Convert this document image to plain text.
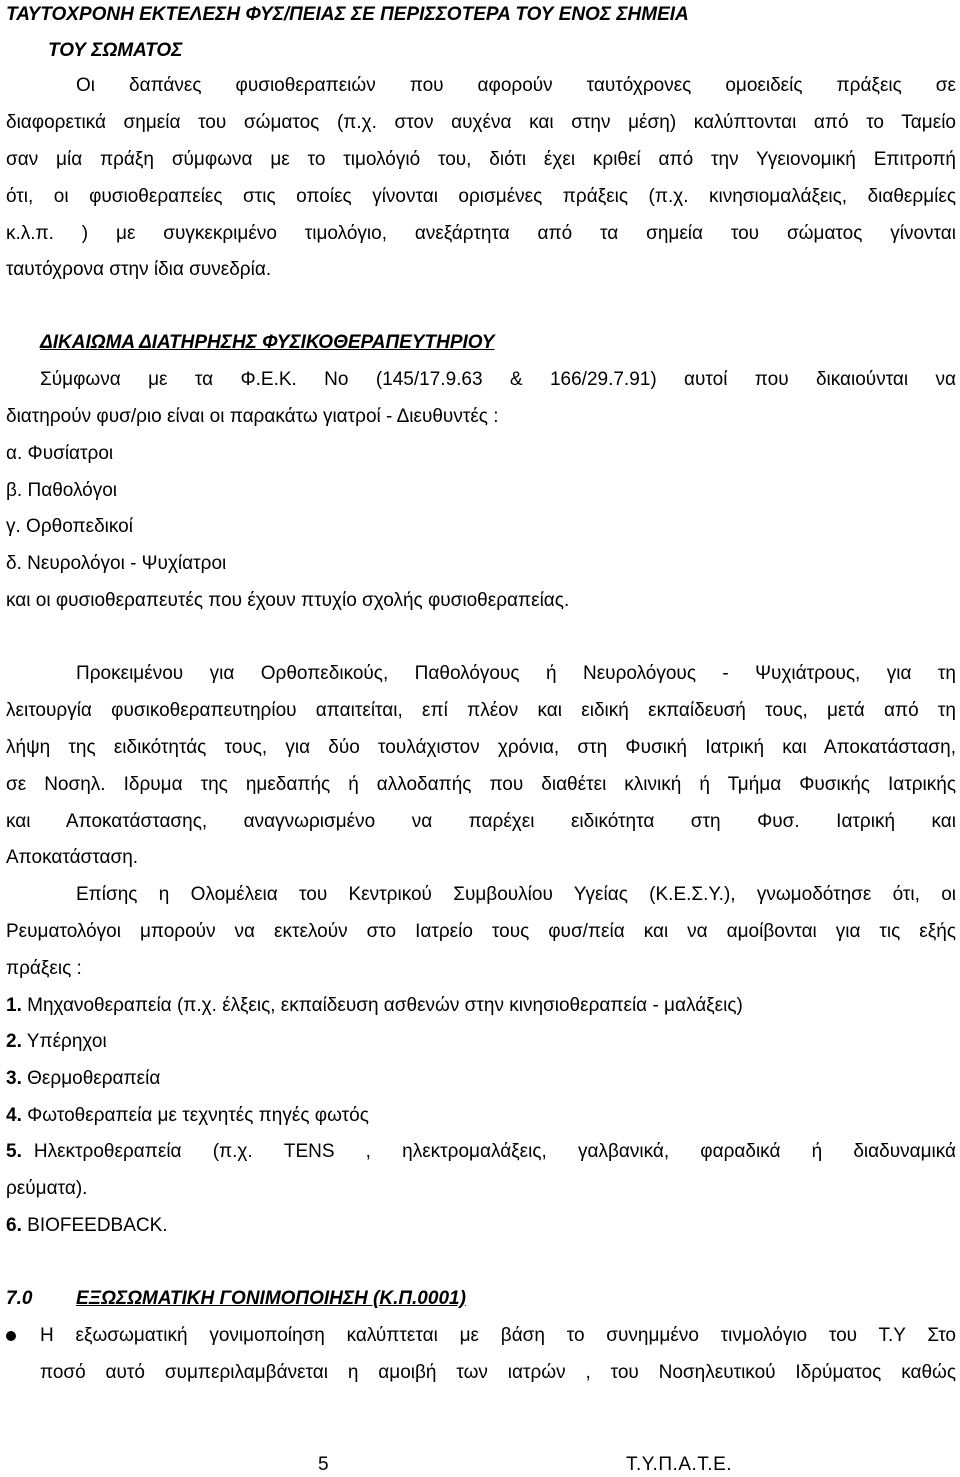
ΤΑΥΤΟΧΡΟΝΗ ΕΚΤΕΛΕΣΗ ΦΥΣ/ΠΕΙΑΣ ΣΕ ΠΕΡΙΣΣΟΤΕΡΑ ΤΟΥ ΕΝΟΣ ΣΗΜΕΙΑ
ΤΟΥ ΣΩΜΑΤΟΣ
Οι δαπάνες φυσιοθεραπειών που αφορούν ταυτόχρονες ομοειδείς πράξεις σε
διαφορετικά σημεία του σώματος (π.χ. στον αυχένα και στην μέση) καλύπτονται από το Ταμείο
σαν μία πράξη σύμφωνα με το τιμολόγιό του, διότι έχει κριθεί από την Υγειονομική Επιτροπή
ότι, οι φυσιοθεραπείες στις οποίες γίνονται ορισμένες πράξεις (π.χ. κινησιομαλάξεις, διαθερμίες
κ.λ.π. ) με συγκεκριμένο τιμολόγιο, ανεξάρτητα από τα σημεία του σώματος γίνονται
ταυτόχρονα στην ίδια συνεδρία.
ΔΙΚΑΙΩΜΑ ΔΙΑΤΗΡΗΣΗΣ ΦΥΣΙΚΟΘΕΡΑΠΕΥΤΗΡΙΟΥ
Σύμφωνα με τα Φ.Ε.Κ. Νο (145/17.9.63 & 166/29.7.91) αυτοί που δικαιούνται να
διατηρούν φυσ/ριο είναι οι παρακάτω γιατροί - Διευθυντές :
α. Φυσίατροι
β. Παθολόγοι
γ. Ορθοπεδικοί
δ. Νευρολόγοι - Ψυχίατροι
και οι φυσιοθεραπευτές που έχουν πτυχίο σχολής φυσιοθεραπείας.
Προκειμένου για Ορθοπεδικούς, Παθολόγους ή Νευρολόγους - Ψυχιάτρους, για τη
λειτουργία φυσικοθεραπευτηρίου απαιτείται, επί πλέον και ειδική εκπαίδευσή τους, μετά από τη
λήψη της ειδικότητάς τους, για δύο τουλάχιστον χρόνια, στη Φυσική Ιατρική και Αποκατάσταση,
σε Νοσηλ. Ιδρυμα της ημεδαπής ή αλλοδαπής που διαθέτει κλινική ή Τμήμα Φυσικής Ιατρικής
και Αποκατάστασης, αναγνωρισμένο να παρέχει ειδικότητα στη Φυσ. Ιατρική και
Αποκατάσταση.
Επίσης η Ολομέλεια του Κεντρικού Συμβουλίου Υγείας (Κ.Ε.Σ.Υ.), γνωμοδότησε ότι, οι
Ρευματολόγοι μπορούν να εκτελούν στο Ιατρείο τους φυσ/πεία και να αμοίβονται για τις εξής
πράξεις :
1. Μηχανοθεραπεία (π.χ. έλξεις, εκπαίδευση ασθενών στην κινησιοθεραπεία - μαλάξεις)
2. Υπέρηχοι
3. Θερμοθεραπεία
4. Φωτοθεραπεία με τεχνητές πηγές φωτός
5. Ηλεκτροθεραπεία (π.χ. TENS , ηλεκτρομαλάξεις, γαλβανικά, φαραδικά ή διαδυναμικά
ρεύματα).
6. BIOFEEDBACK.
7.0	ΕΞΩΣΩΜΑΤΙΚΗ ΓΟΝΙΜΟΠΟΙΗΣΗ (Κ.Π.0001)
Η εξωσωματική γονιμοποίηση καλύπτεται με βάση το συνημμένο τινμολόγιο του Τ.Υ Στο
ποσό αυτό συμπεριλαμβάνεται η αμοιβή των ιατρών , του Νοσηλευτικού Ιδρύματος καθώς
5	Τ.Υ.Π.Α.Τ.Ε.
